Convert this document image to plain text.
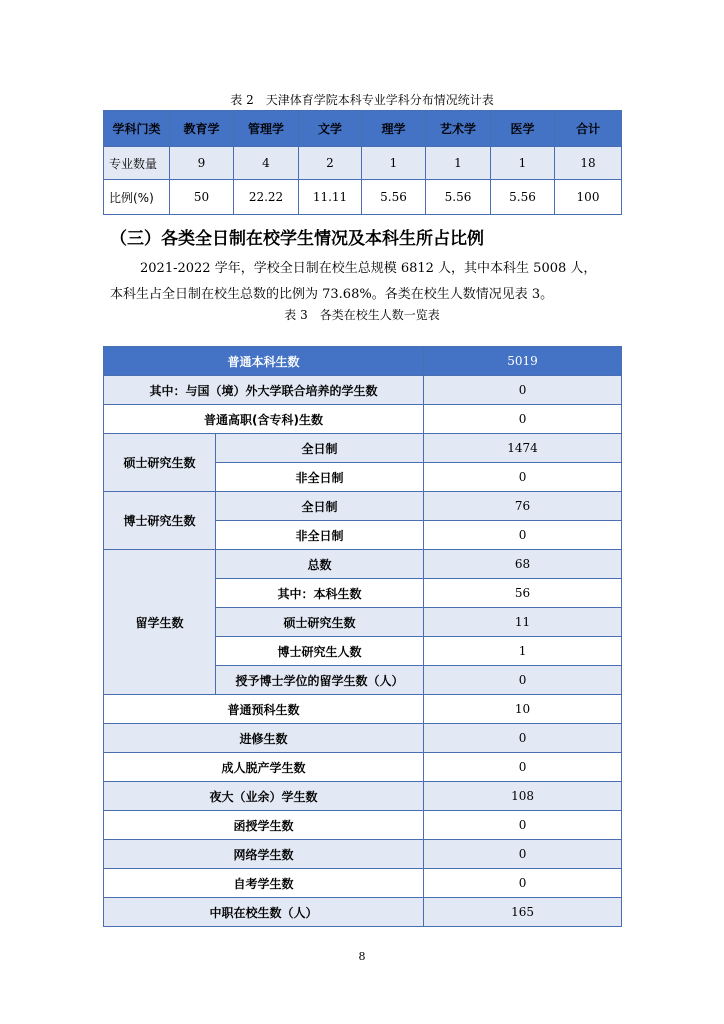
表 2　天津体育学院本科专业学科分布情况统计表
学科门类	教育学	管理学	文学	理学	艺术学	医学	合计
专业数量	9	4	2	1	1	1	18
比例(%)	50	22.22	11.11	5.56	5.56	5.56	100
（三）各类全日制在校学生情况及本科生所占比例
2021-2022 学年，学校全日制在校生总规模 6812 人，其中本科生 5008 人，
本科生占全日制在校生总数的比例为 73.68%。各类在校生人数情况见表 3。
表 3　各类在校生人数一览表
普通本科生数		5019
其中：与国（境）外大学联合培养的学生数		0
普通高职(含专科)生数		0
硕士研究生数	全日制	1474
	非全日制	0
博士研究生数	全日制	76
	非全日制	0
留学生数	总数	68
	其中：本科生数	56
	硕士研究生数	11
	博士研究生人数	1
	授予博士学位的留学生数（人）	0
普通预科生数		10
进修生数		0
成人脱产学生数		0
夜大（业余）学生数		108
函授学生数		0
网络学生数		0
自考学生数		0
中职在校生数（人）		165
8
